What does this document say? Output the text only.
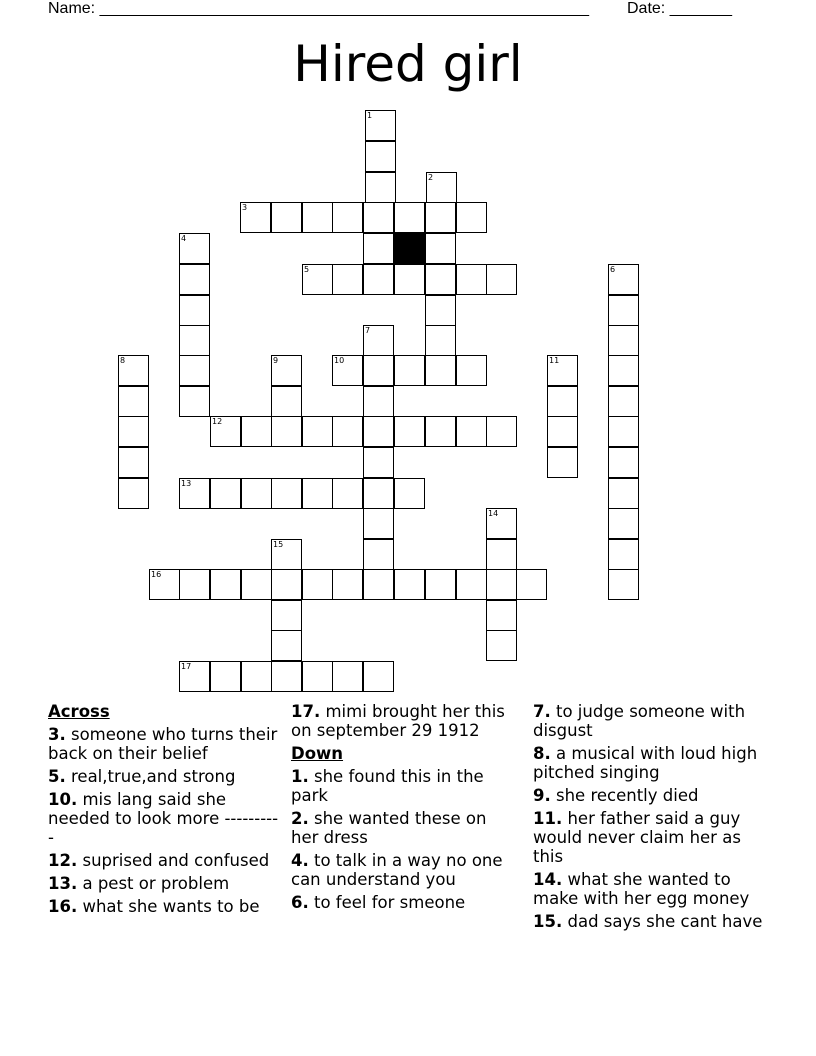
Name: _______________________________________________________ Date: _______
Hired girl
1
2
3
4
5	6
7
8	9	10	11
12
13
14
15
16
17
Across
3. someone who turns their back on their belief
5. real,true,and strong
10. mis lang said she needed to look more ----------
12. suprised and confused
13. a pest or problem
16. what she wants to be
17. mimi brought her this on september 29 1912
Down
1. she found this in the park
2. she wanted these on her dress
4. to talk in a way no one can understand you
6. to feel for smeone
7. to judge someone with disgust
8. a musical with loud high pitched singing
9. she recently died
11. her father said a guy would never claim her as this
14. what she wanted to make with her egg money
15. dad says she cant have
